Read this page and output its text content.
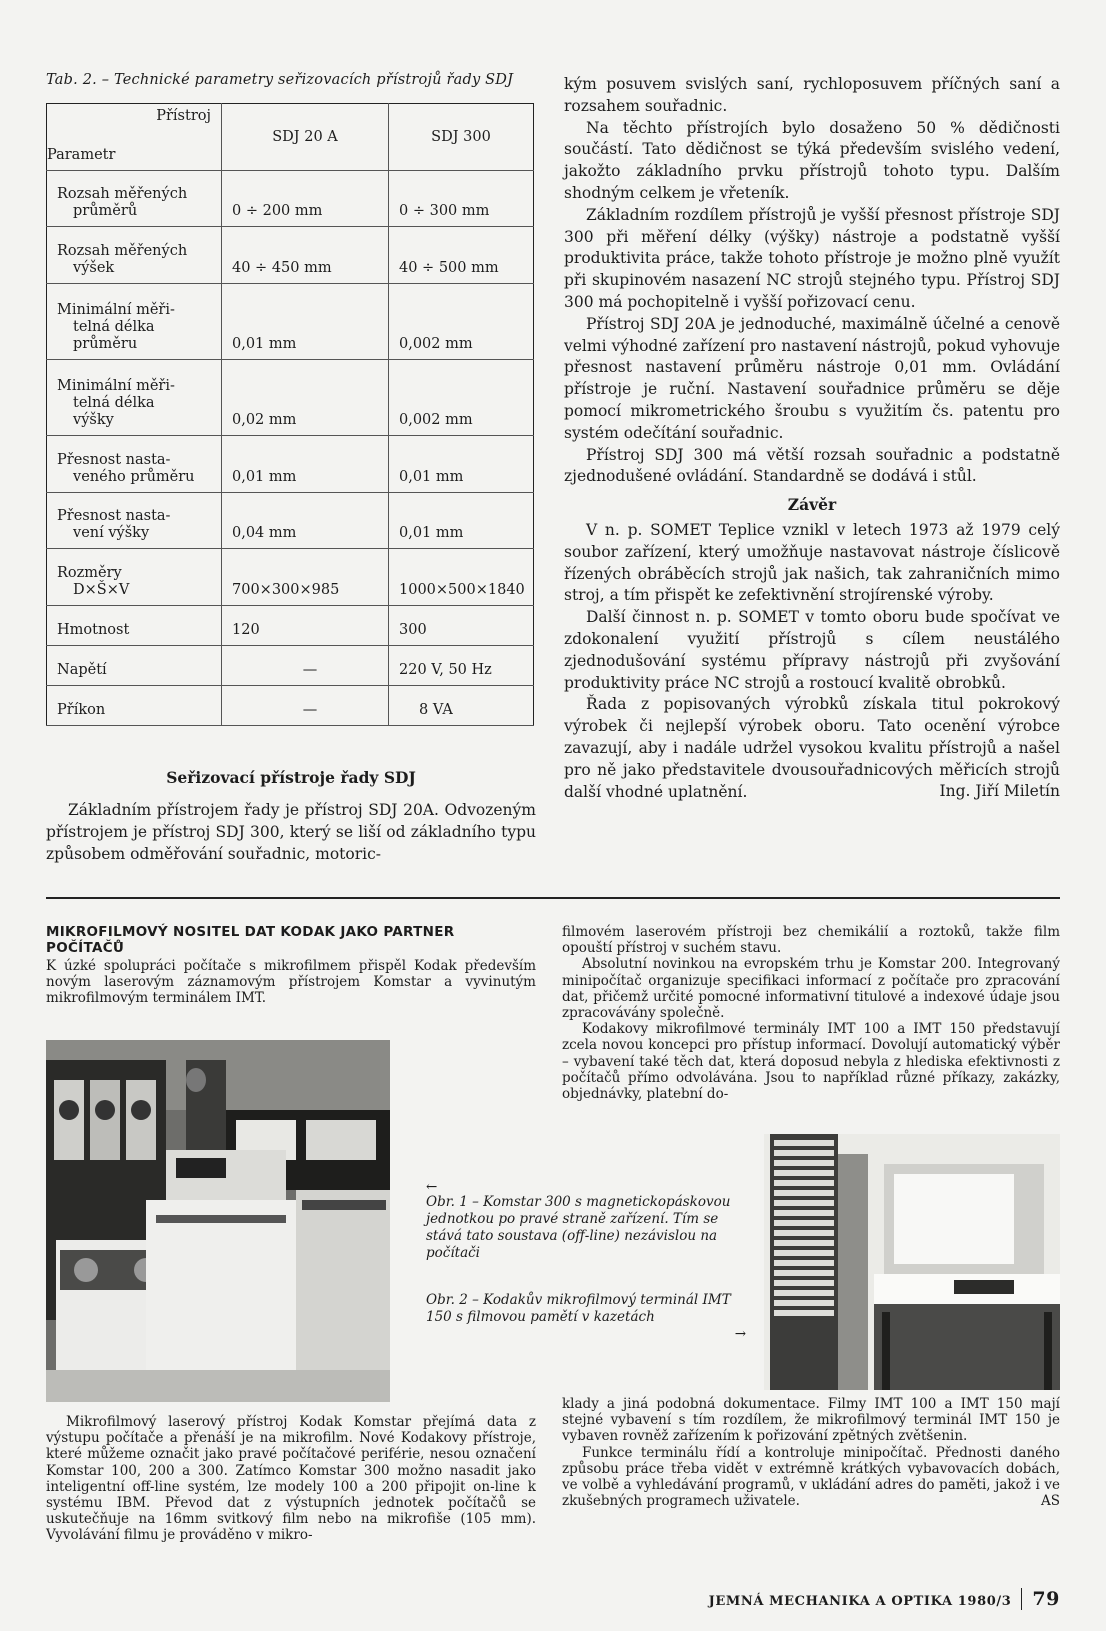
Tab. 2. – Technické parametry seřizovacích přístrojů řady SDJ
Přístroj
Parametr	SDJ 20 A	SDJ 300
Rozsah měřených
průměrů	0 ÷ 200 mm	0 ÷ 300 mm
Rozsah měřených
výšek	40 ÷ 450 mm	40 ÷ 500 mm
Minimální měři-
telná délka
průměru	0,01 mm	0,002 mm
Minimální měři-
telná délka
výšky	0,02 mm	0,002 mm
Přesnost nasta-
veného průměru	0,01 mm	0,01 mm
Přesnost nasta-
vení výšky	0,04 mm	0,01 mm
Rozměry
D×Š×V	700×300×985	1000×500×1840
Hmotnost	120	300
Napětí	—	220 V, 50 Hz
Příkon	—	8 VA
Seřizovací přístroje řady SDJ

Základním přístrojem řady je přístroj SDJ 20A. Odvozeným přístrojem je přístroj SDJ 300, který se liší od základního typu způsobem odměřování souřadnic, motoric-

kým posuvem svislých saní, rychloposuvem příčných saní a rozsahem souřadnic.

Na těchto přístrojích bylo dosaženo 50 % dědičnosti součástí. Tato dědičnost se týká především svislého vedení, jakožto základního prvku přístrojů tohoto typu. Dalším shodným celkem je vřeteník.

Základním rozdílem přístrojů je vyšší přesnost přístroje SDJ 300 při měření délky (výšky) nástroje a podstatně vyšší produktivita práce, takže tohoto přístroje je možno plně využít při skupinovém nasazení NC strojů stejného typu. Přístroj SDJ 300 má pochopitelně i vyšší pořizovací cenu.

Přístroj SDJ 20A je jednoduché, maximálně účelné a cenově velmi výhodné zařízení pro nastavení nástrojů, pokud vyhovuje přesnost nastavení průměru nástroje 0,01 mm. Ovládání přístroje je ruční. Nastavení souřadnice průměru se děje pomocí mikrometrického šroubu s využitím čs. patentu pro systém odečítání souřadnic.

Přístroj SDJ 300 má větší rozsah souřadnic a podstatně zjednodušené ovládání. Standardně se dodává i stůl.

Závěr

V n. p. SOMET Teplice vznikl v letech 1973 až 1979 celý soubor zařízení, který umožňuje nastavovat nástroje číslicově řízených obráběcích strojů jak našich, tak zahraničních mimo stroj, a tím přispět ke zefektivnění strojírenské výroby.

Další činnost n. p. SOMET v tomto oboru bude spočívat ve zdokonalení využití přístrojů s cílem neustálého zjednodušování systému přípravy nástrojů při zvyšování produktivity práce NC strojů a rostoucí kvalitě obrobků.

Řada z popisovaných výrobků získala titul pokrokový výrobek či nejlepší výrobek oboru. Tato ocenění výrobce zavazují, aby i nadále udržel vysokou kvalitu přístrojů a našel pro ně jako představitele dvousouřadnicových měřicích strojů další vhodné uplatnění.	Ing. Jiří Miletín

MIKROFILMOVÝ NOSITEL DAT KODAK JAKO PARTNER POČÍTAČŮ

K úzké spolupráci počítače s mikrofilmem přispěl Kodak především novým laserovým záznamovým přístrojem Komstar a vyvinutým mikrofilmovým terminálem IMT.

filmovém laserovém přístroji bez chemikálií a roztoků, takže film opouští přístroj v suchém stavu.

Absolutní novinkou na evropském trhu je Komstar 200. Integrovaný minipočítač organizuje specifikaci informací z počítače pro zpracování dat, přičemž určité pomocné informativní titulové a indexové údaje jsou zpracovávány společně.

Kodakovy mikrofilmové terminály IMT 100 a IMT 150 představují zcela novou koncepci pro přístup informací. Dovolují automatický výběr – vybavení také těch dat, která doposud nebyla z hlediska efektivnosti z počítačů přímo odvolávána. Jsou to například různé příkazy, zakázky, objednávky, platební do-

←
Obr. 1 – Komstar 300 s magnetickopáskovou jednotkou po pravé straně zařízení. Tím se stává tato soustava (off-line) nezávislou na počítači
Obr. 2 – Kodakův mikrofilmový terminál IMT 150 s filmovou pamětí v kazetách
→

Mikrofilmový laserový přístroj Kodak Komstar přejímá data z výstupu počítače a přenáší je na mikrofilm. Nové Kodakovy přístroje, které můžeme označit jako pravé počítačové periférie, nesou označení Komstar 100, 200 a 300. Zatímco Komstar 300 možno nasadit jako inteligentní off-line systém, lze modely 100 a 200 připojit on-line k systému IBM. Převod dat z výstupních jednotek počítačů se uskutečňuje na 16mm svitkový film nebo na mikrofiše (105 mm). Vyvolávání filmu je prováděno v mikro-

klady a jiná podobná dokumentace. Filmy IMT 100 a IMT 150 mají stejné vybavení s tím rozdílem, že mikrofilmový terminál IMT 150 je vybaven rovněž zařízením k pořizování zpětných zvětšenin.

Funkce terminálu řídí a kontroluje minipočítač. Přednosti daného způsobu práce třeba vidět v extrémně krátkých vybavovacích dobách, ve volbě a vyhledávání programů, v ukládání adres do paměti, jakož i ve zkušebných programech uživatele.	AS

JEMNÁ MECHANIKA A OPTIKA 1980/3 79
